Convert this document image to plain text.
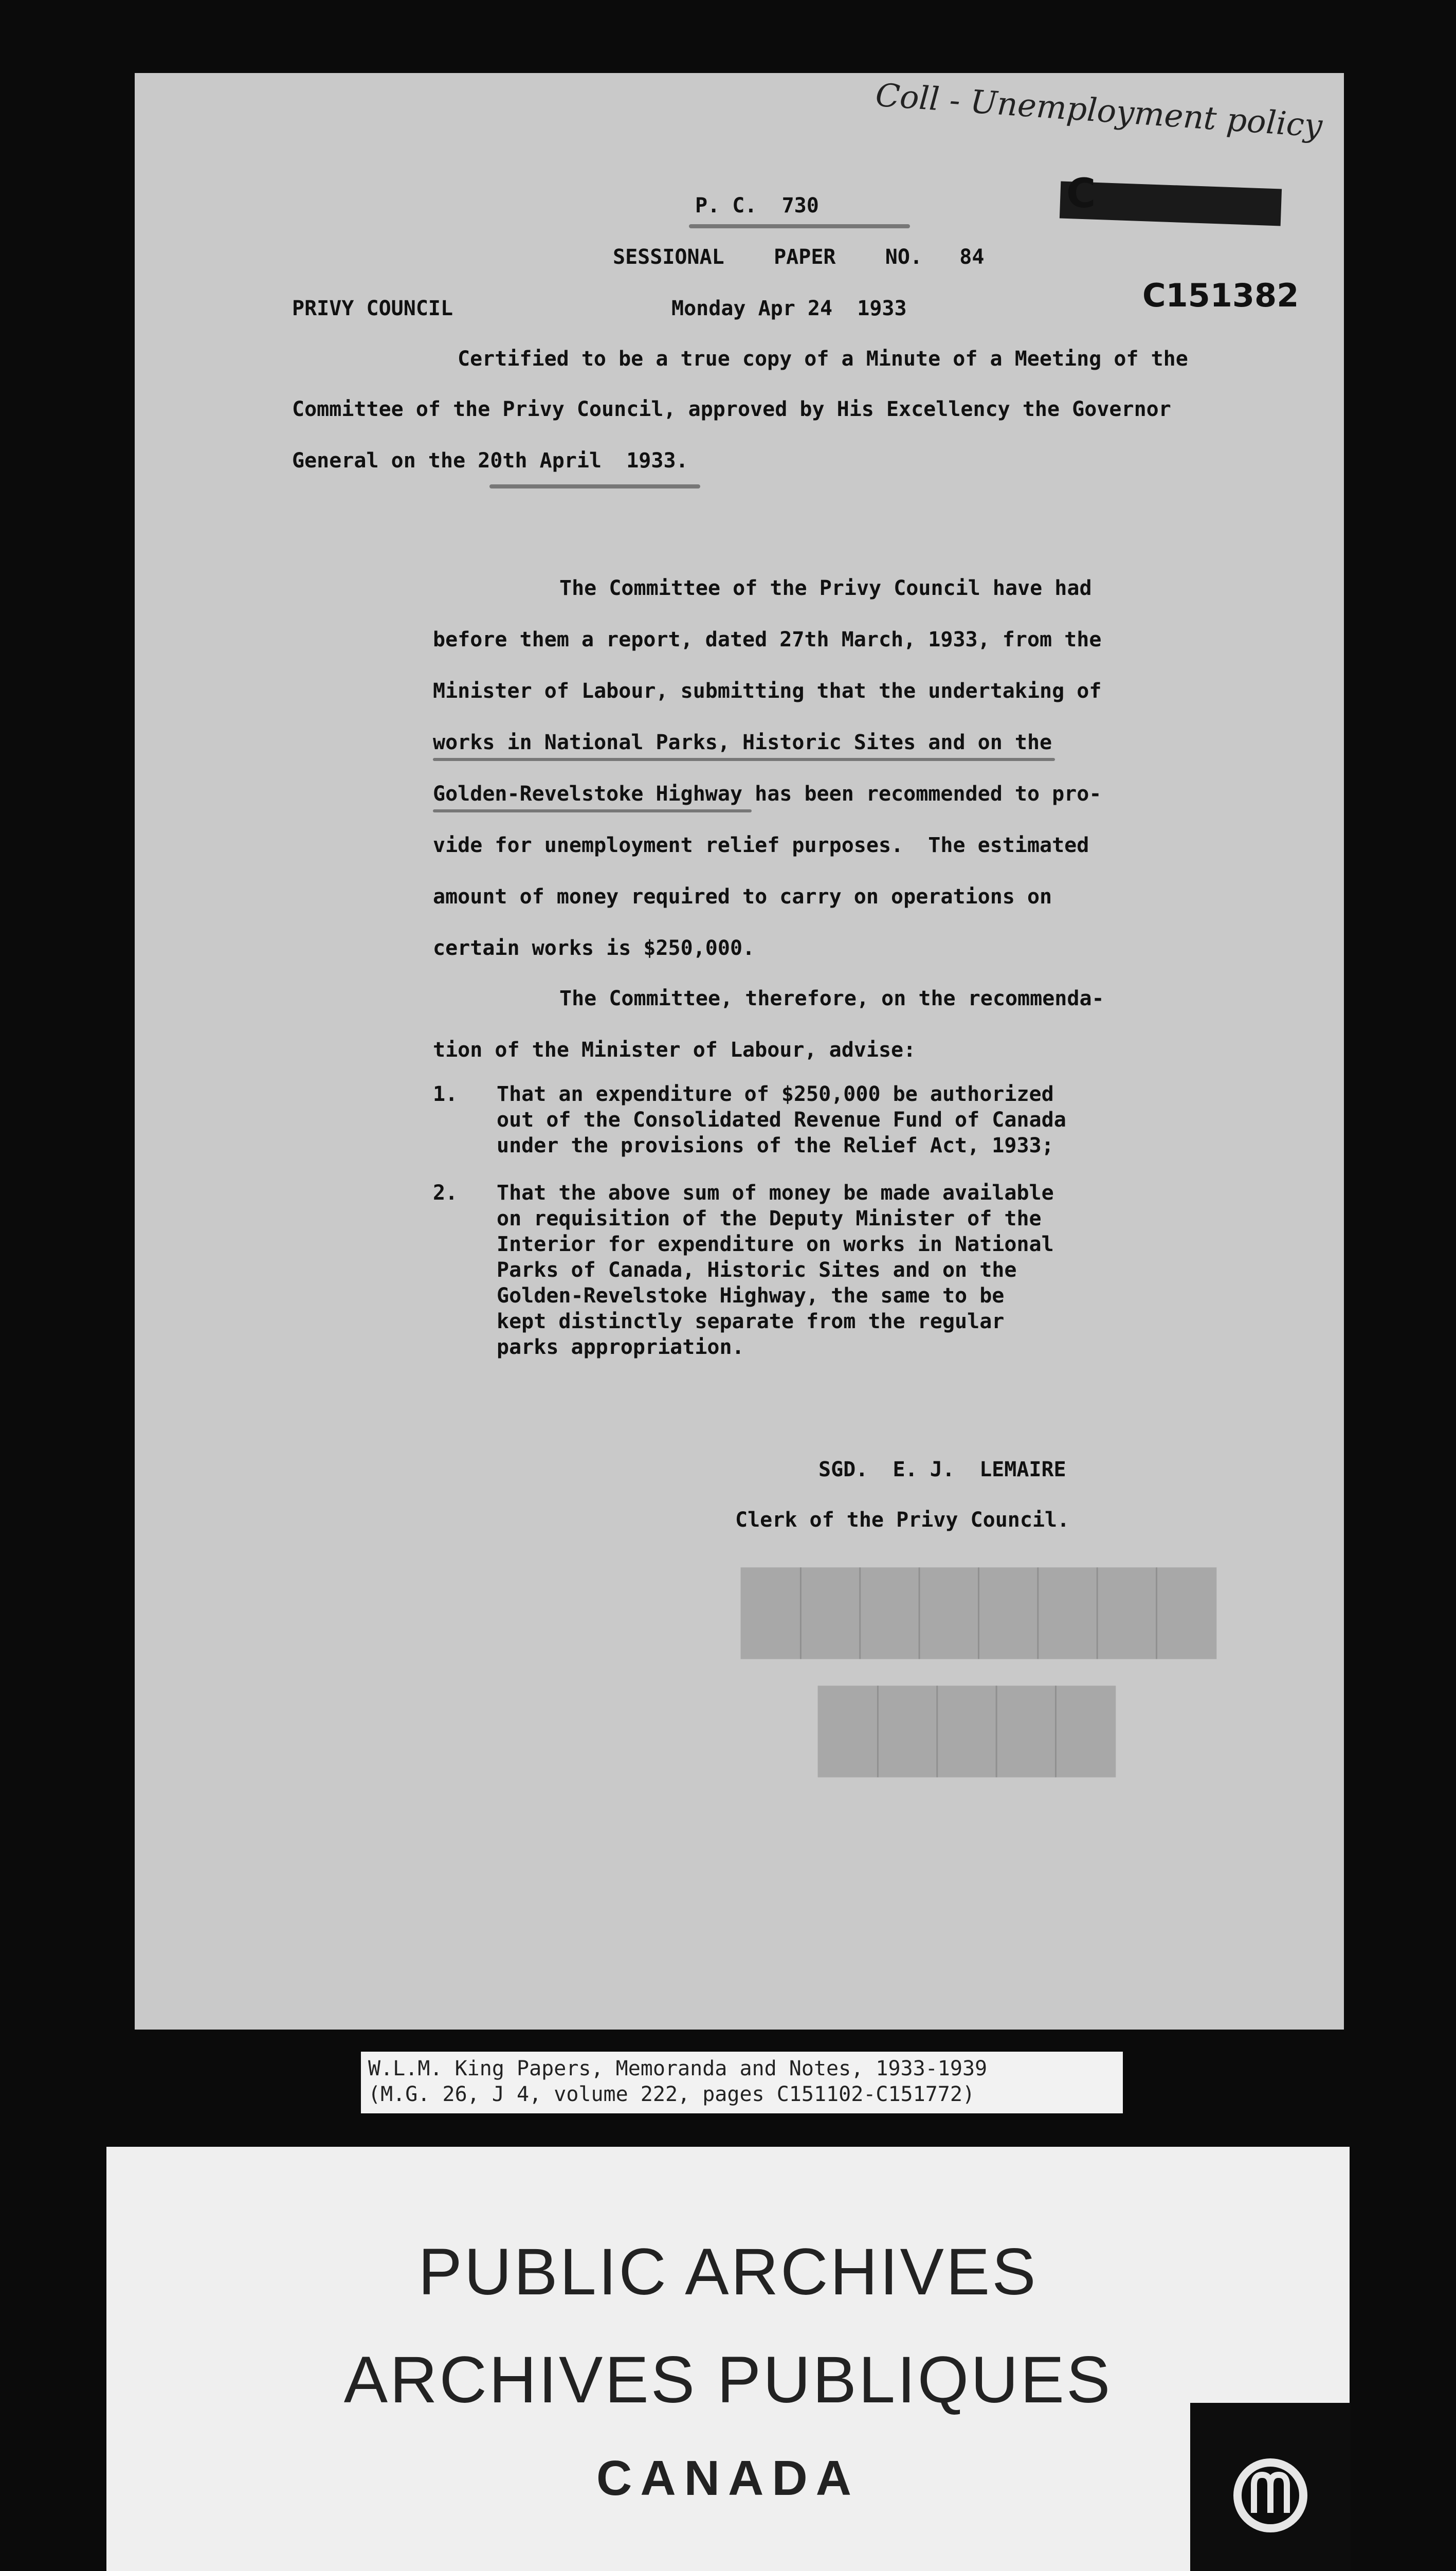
Coll - Unemployment policy
C
P. C.  730
SESSIONAL    PAPER    NO.   84
PRIVY COUNCIL	Monday Apr 24  1933	C151382
Certified to be a true copy of a Minute of a Meeting of the
Committee of the Privy Council, approved by His Excellency the Governor
General on the 20th April  1933.
The Committee of the Privy Council have had
before them a report, dated 27th March, 1933, from the
Minister of Labour, submitting that the undertaking of
works in National Parks, Historic Sites and on the
Golden-Revelstoke Highway has been recommended to pro-
vide for unemployment relief purposes.  The estimated
amount of money required to carry on operations on
certain works is $250,000.
The Committee, therefore, on the recommenda-
tion of the Minister of Labour, advise:
1. That an expenditure of $250,000 be authorized
out of the Consolidated Revenue Fund of Canada
under the provisions of the Relief Act, 1933;
2. That the above sum of money be made available
on requisition of the Deputy Minister of the
Interior for expenditure on works in National
Parks of Canada, Historic Sites and on the
Golden-Revelstoke Highway, the same to be
kept distinctly separate from the regular
parks appropriation.
SGD.  E. J.  LEMAIRE
Clerk of the Privy Council.
████████
█████
W.L.M. King Papers, Memoranda and Notes, 1933-1939
(M.G. 26, J 4, volume 222, pages C151102-C151772)
PUBLIC ARCHIVES
ARCHIVES PUBLIQUES
CANADA
